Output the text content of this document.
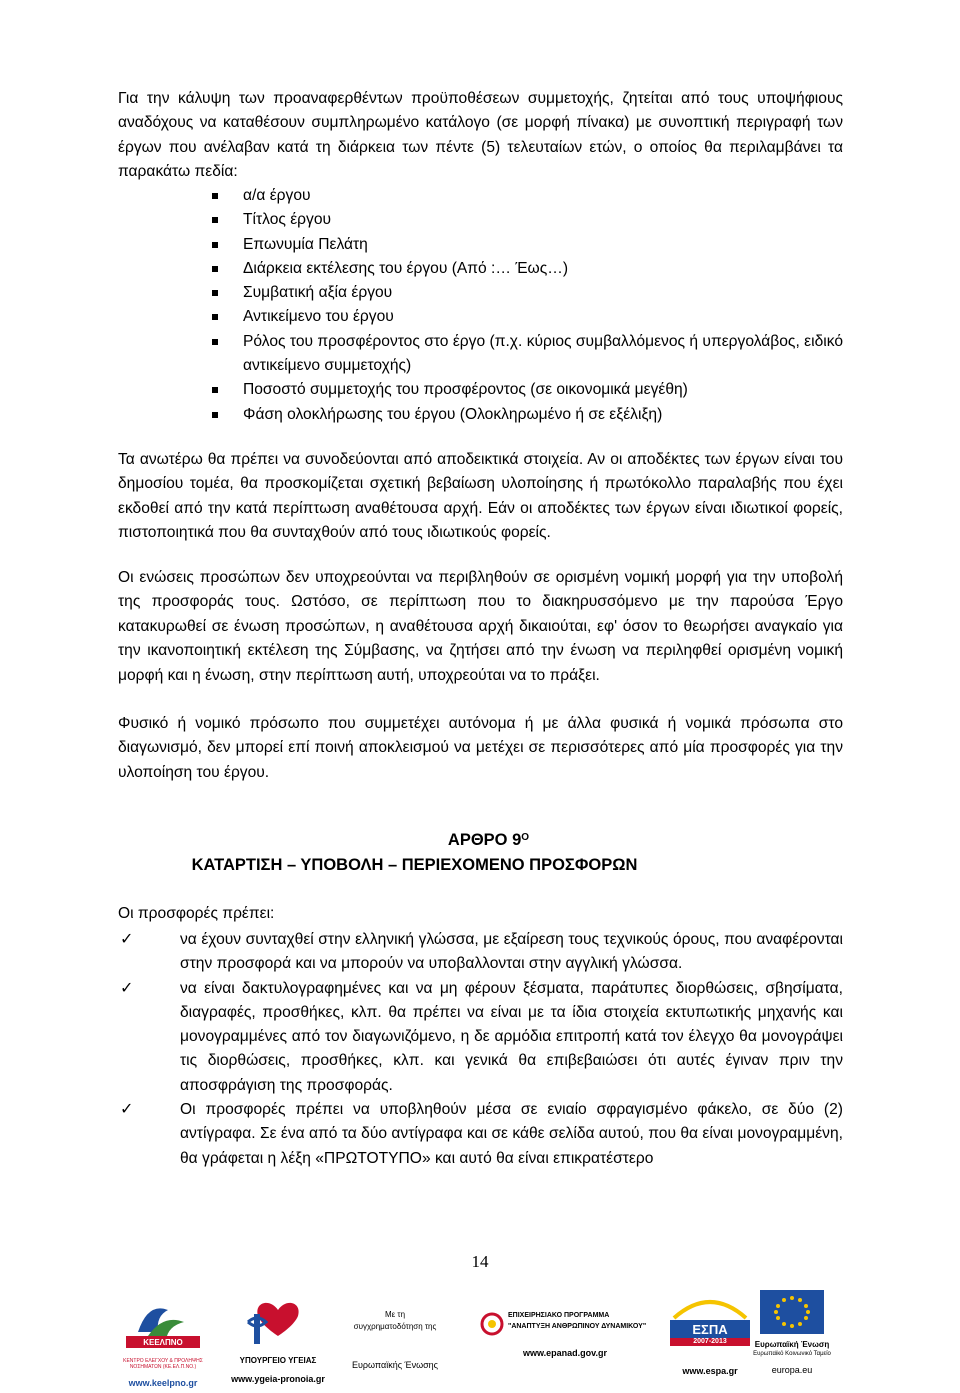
Για την κάλυψη των προαναφερθέντων προϋποθέσεων συμμετοχής, ζητείται από τους υποψήφιους αναδόχους να καταθέσουν συμπληρωμένο κατάλογο (σε μορφή πίνακα) με συνοπτική περιγραφή των έργων που ανέλαβαν κατά τη διάρκεια των πέντε (5) τελευταίων ετών, ο οποίος θα περιλαμβάνει τα παρακάτω πεδία:

α/α έργου
Τίτλος έργου
Επωνυμία Πελάτη
Διάρκεια εκτέλεσης του έργου (Από :… Έως…)
Συμβατική αξία έργου
Αντικείμενο του έργου
Ρόλος του προσφέροντος στο έργο (π.χ. κύριος συμβαλλόμενος ή υπεργολάβος, ειδικό αντικείμενο συμμετοχής)
Ποσοστό συμμετοχής του προσφέροντος (σε οικονομικά μεγέθη)
Φάση ολοκλήρωσης του έργου (Ολοκληρωμένο ή σε εξέλιξη)

Τα ανωτέρω θα πρέπει να συνοδεύονται από αποδεικτικά στοιχεία. Αν οι αποδέκτες των έργων είναι του δημοσίου τομέα, θα προσκομίζεται σχετική βεβαίωση υλοποίησης ή πρωτόκολλο παραλαβής που έχει εκδοθεί από την κατά περίπτωση αναθέτουσα αρχή. Εάν οι αποδέκτες των έργων είναι ιδιωτικοί φορείς, πιστοποιητικά που θα συνταχθούν από τους ιδιωτικούς φορείς.

Οι ενώσεις προσώπων δεν υποχρεούνται να περιβληθούν σε ορισμένη νομική μορφή για την υποβολή της προσφοράς τους. Ωστόσο, σε περίπτωση που το διακηρυσσόμενο με την παρούσα Έργο κατακυρωθεί σε ένωση προσώπων, η αναθέτουσα αρχή δικαιούται, εφ' όσον το θεωρήσει αναγκαίο για την ικανοποιητική εκτέλεση της Σύμβασης, να ζητήσει από την ένωση να περιληφθεί ορισμένη νομική μορφή και η ένωση, στην περίπτωση αυτή, υποχρεούται να το πράξει.

Φυσικό ή νομικό πρόσωπο που συμμετέχει αυτόνομα ή με άλλα φυσικά ή νομικά πρόσωπα στο διαγωνισμό, δεν μπορεί επί ποινή αποκλεισμού να μετέχει σε περισσότερες από μία προσφορές για την υλοποίηση του έργου.

ΑΡΘΡΟ $9^O$
ΚΑΤΑΡΤΙΣΗ – ΥΠΟΒΟΛΗ – ΠΕΡΙΕΧΟΜΕΝΟ ΠΡΟΣΦΟΡΩΝ
Οι προσφορές πρέπει:
✓	να έχουν συνταχθεί στην ελληνική γλώσσα, με εξαίρεση τους τεχνικούς όρους, που αναφέρονται στην προσφορά και να μπορούν να υποβαλλονται στην αγγλική γλώσσα.
✓	να είναι δακτυλογραφημένες και να μη φέρουν ξέσματα, παράτυπες διορθώσεις, σβησίματα, διαγραφές, προσθήκες, κλπ. θα πρέπει να είναι με τα ίδια στοιχεία εκτυπωτικής μηχανής και μονογραμμένες από τον διαγωνιζόμενο, η δε αρμόδια επιτροπή κατά τον έλεγχο θα μονογράψει τις διορθώσεις, προσθήκες, κλπ. και γενικά θα επιβεβαιώσει ότι αυτές έγιναν πριν την αποσφράγιση της προσφοράς.
✓	Οι προσφορές πρέπει να υποβληθούν μέσα σε ενιαίο σφραγισμένο φάκελο, σε δύο (2) αντίγραφα. Σε ένα από τα δύο αντίγραφα και σε κάθε σελίδα αυτού, που θα είναι μονογραμμένη, θα γράφεται η λέξη «ΠΡΩΤΟΤΥΠΟ» και αυτό θα είναι επικρατέστερο
14
ΚΕΕΛΠΝΟ
ΚΕΝΤΡΟ ΕΛΕΓΧΟΥ & ΠΡΟΛΗΨΗΣ ΝΟΣΗΜΑΤΩΝ (ΚΕ.ΕΛ.Π.ΝΟ.)
www.keelpno.gr
ΥΠΟΥΡΓΕΙΟ ΥΓΕΙΑΣ
www.ygeia-pronoia.gr
Με τη
συγχρηματοδότηση της
Ευρωπαϊκής Ένωσης
ΕΠΙΧΕΙΡΗΣΙΑΚΟ ΠΡΟΓΡΑΜΜΑ
"ΑΝΑΠΤΥΞΗ ΑΝΘΡΩΠΙΝΟΥ ΔΥΝΑΜΙΚΟΥ"
www.epanad.gov.gr
ΕΣΠΑ
2007-2013
www.espa.gr
Ευρωπαϊκή Ένωση
Ευρωπαϊκό Κοινωνικό Ταμείο
europa.eu
